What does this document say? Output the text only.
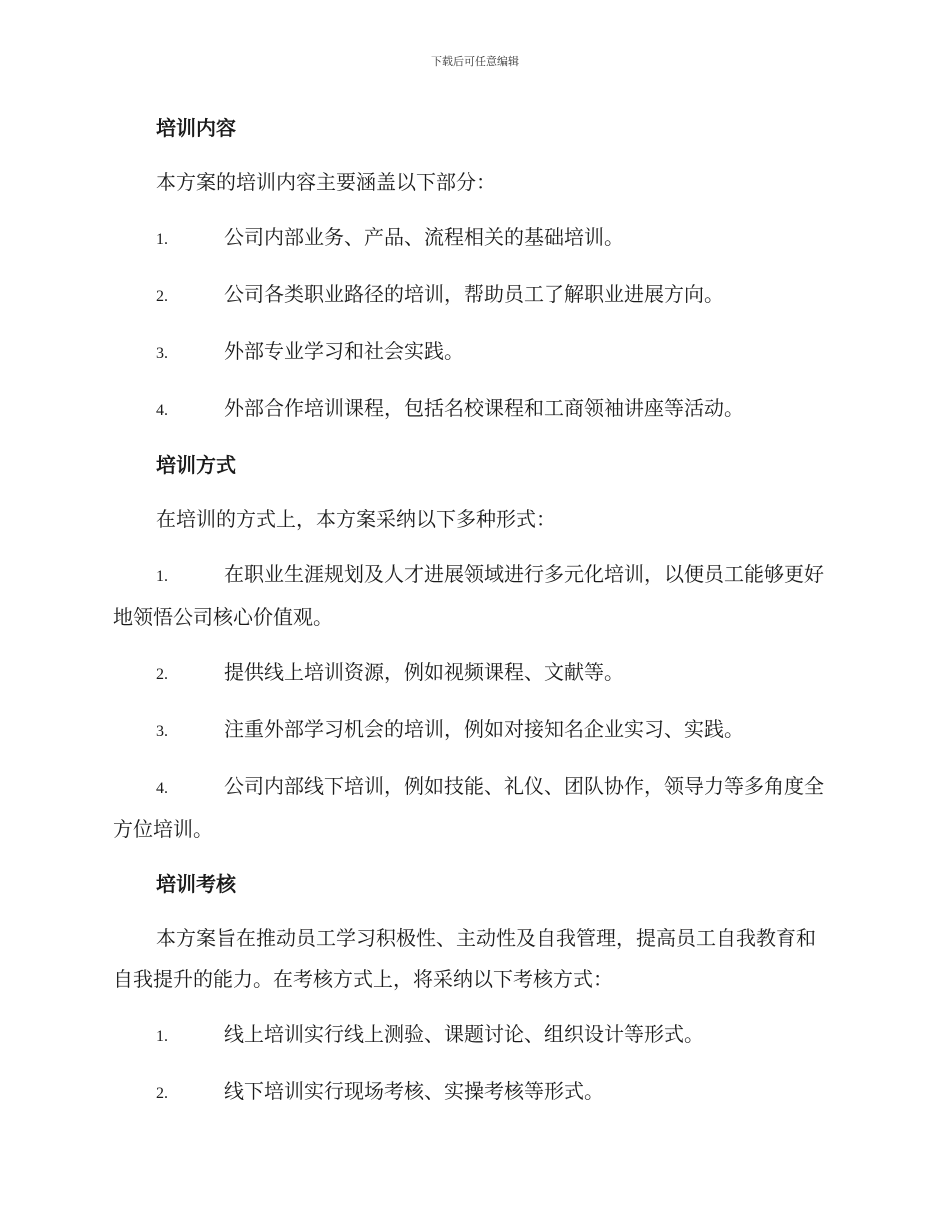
下载后可任意编辑
培训内容
本方案的培训内容主要涵盖以下部分：
1.	公司内部业务、产品、流程相关的基础培训。
2.	公司各类职业路径的培训，帮助员工了解职业进展方向。
3.	外部专业学习和社会实践。
4.	外部合作培训课程，包括名校课程和工商领袖讲座等活动。
培训方式
在培训的方式上，本方案采纳以下多种形式：
1.	在职业生涯规划及人才进展领域进行多元化培训，以便员工能够更好地领悟公司核心价值观。
2.	提供线上培训资源，例如视频课程、文献等。
3.	注重外部学习机会的培训，例如对接知名企业实习、实践。
4.	公司内部线下培训，例如技能、礼仪、团队协作，领导力等多角度全方位培训。
培训考核
本方案旨在推动员工学习积极性、主动性及自我管理，提高员工自我教育和自我提升的能力。在考核方式上，将采纳以下考核方式：
1.	线上培训实行线上测验、课题讨论、组织设计等形式。
2.	线下培训实行现场考核、实操考核等形式。
